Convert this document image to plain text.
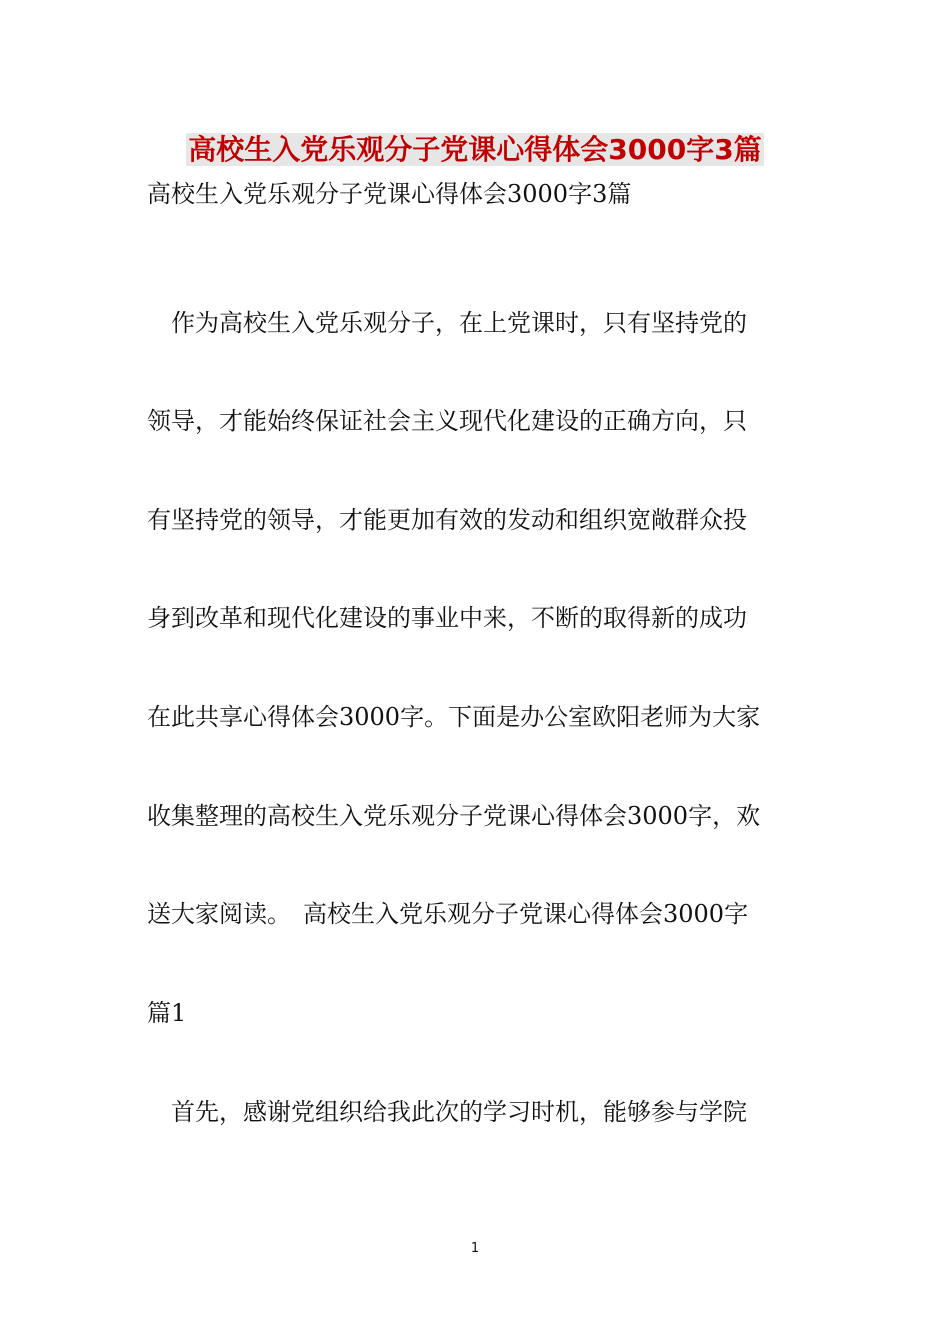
高校生入党乐观分子党课心得体会3000字3篇

高校生入党乐观分子党课心得体会3000字3篇

　作为高校生入党乐观分子，在上党课时，只有坚持党的

领导，才能始终保证社会主义现代化建设的正确方向，只

有坚持党的领导，才能更加有效的发动和组织宽敞群众投

身到改革和现代化建设的事业中来，不断的取得新的成功

在此共享心得体会3000字。下面是办公室欧阳老师为大家

收集整理的高校生入党乐观分子党课心得体会3000字，欢

送大家阅读。　高校生入党乐观分子党课心得体会3000字

篇1

　首先，感谢党组织给我此次的学习时机，能够参与学院

1
